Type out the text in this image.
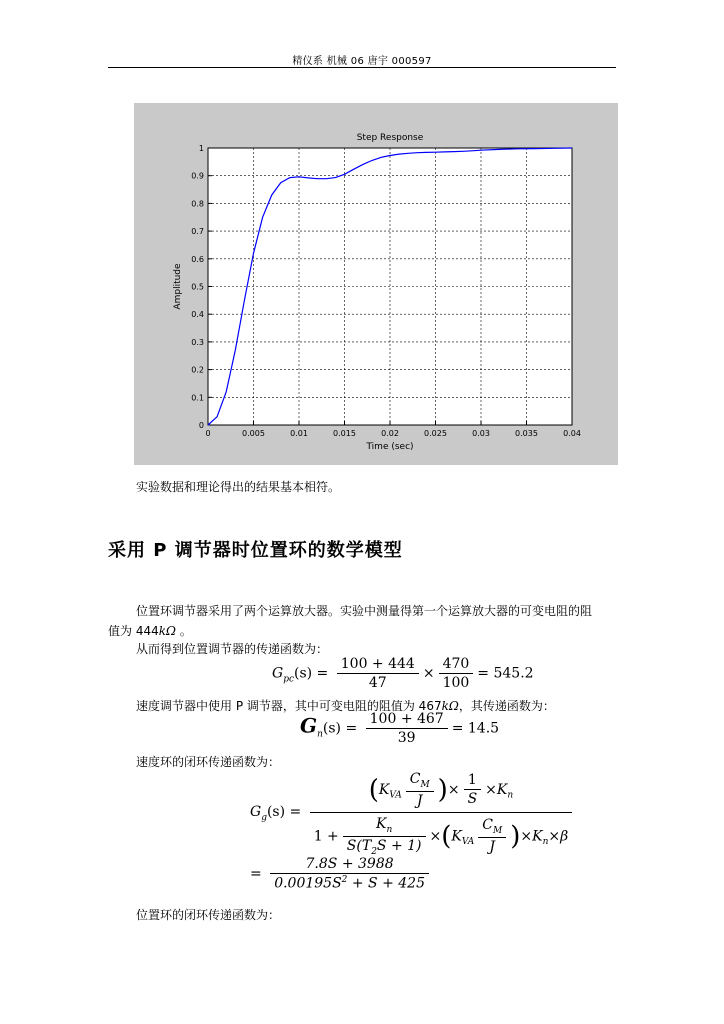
精仪系 机械 06 唐宇 000597
0	0.005	0.01	0.015	0.02	0.025	0.03	0.035	0.04
0
0.1
0.2
0.3
0.4
0.5
0.6
0.7
0.8
0.9
1
Step Response
Time (sec)
Amplitude
实验数据和理论得出的结果基本相符。
采用 P 调节器时位置环的数学模型
位置环调节器采用了两个运算放大器。实验中测量得第一个运算放大器的可变电阻的阻
值为 444kΩ 。
从而得到位置调节器的传递函数为：
$G_{pc}(s) = \frac{100 + 444}{47} \times \frac{470}{100} = 545.2$
速度调节器中使用 P 调节器，其中可变电阻的阻值为 467kΩ，其传递函数为：
$G_n(s) = \frac{100 + 467}{39} = 14.5$
速度环的闭环传递函数为：
$G_g(s) = \frac{(K_{VA} \frac{C_M}{J} )\times \frac{1}{S} \times K_n}{1 + \frac{K_n}{S(T_2S + 1)} \times(K_{VA} \frac{C_M}{J} )\times K_n\times\beta}$
= $\frac{7.8S + 3988}{0.00195S^2 + S + 425}$
位置环的闭环传递函数为：
